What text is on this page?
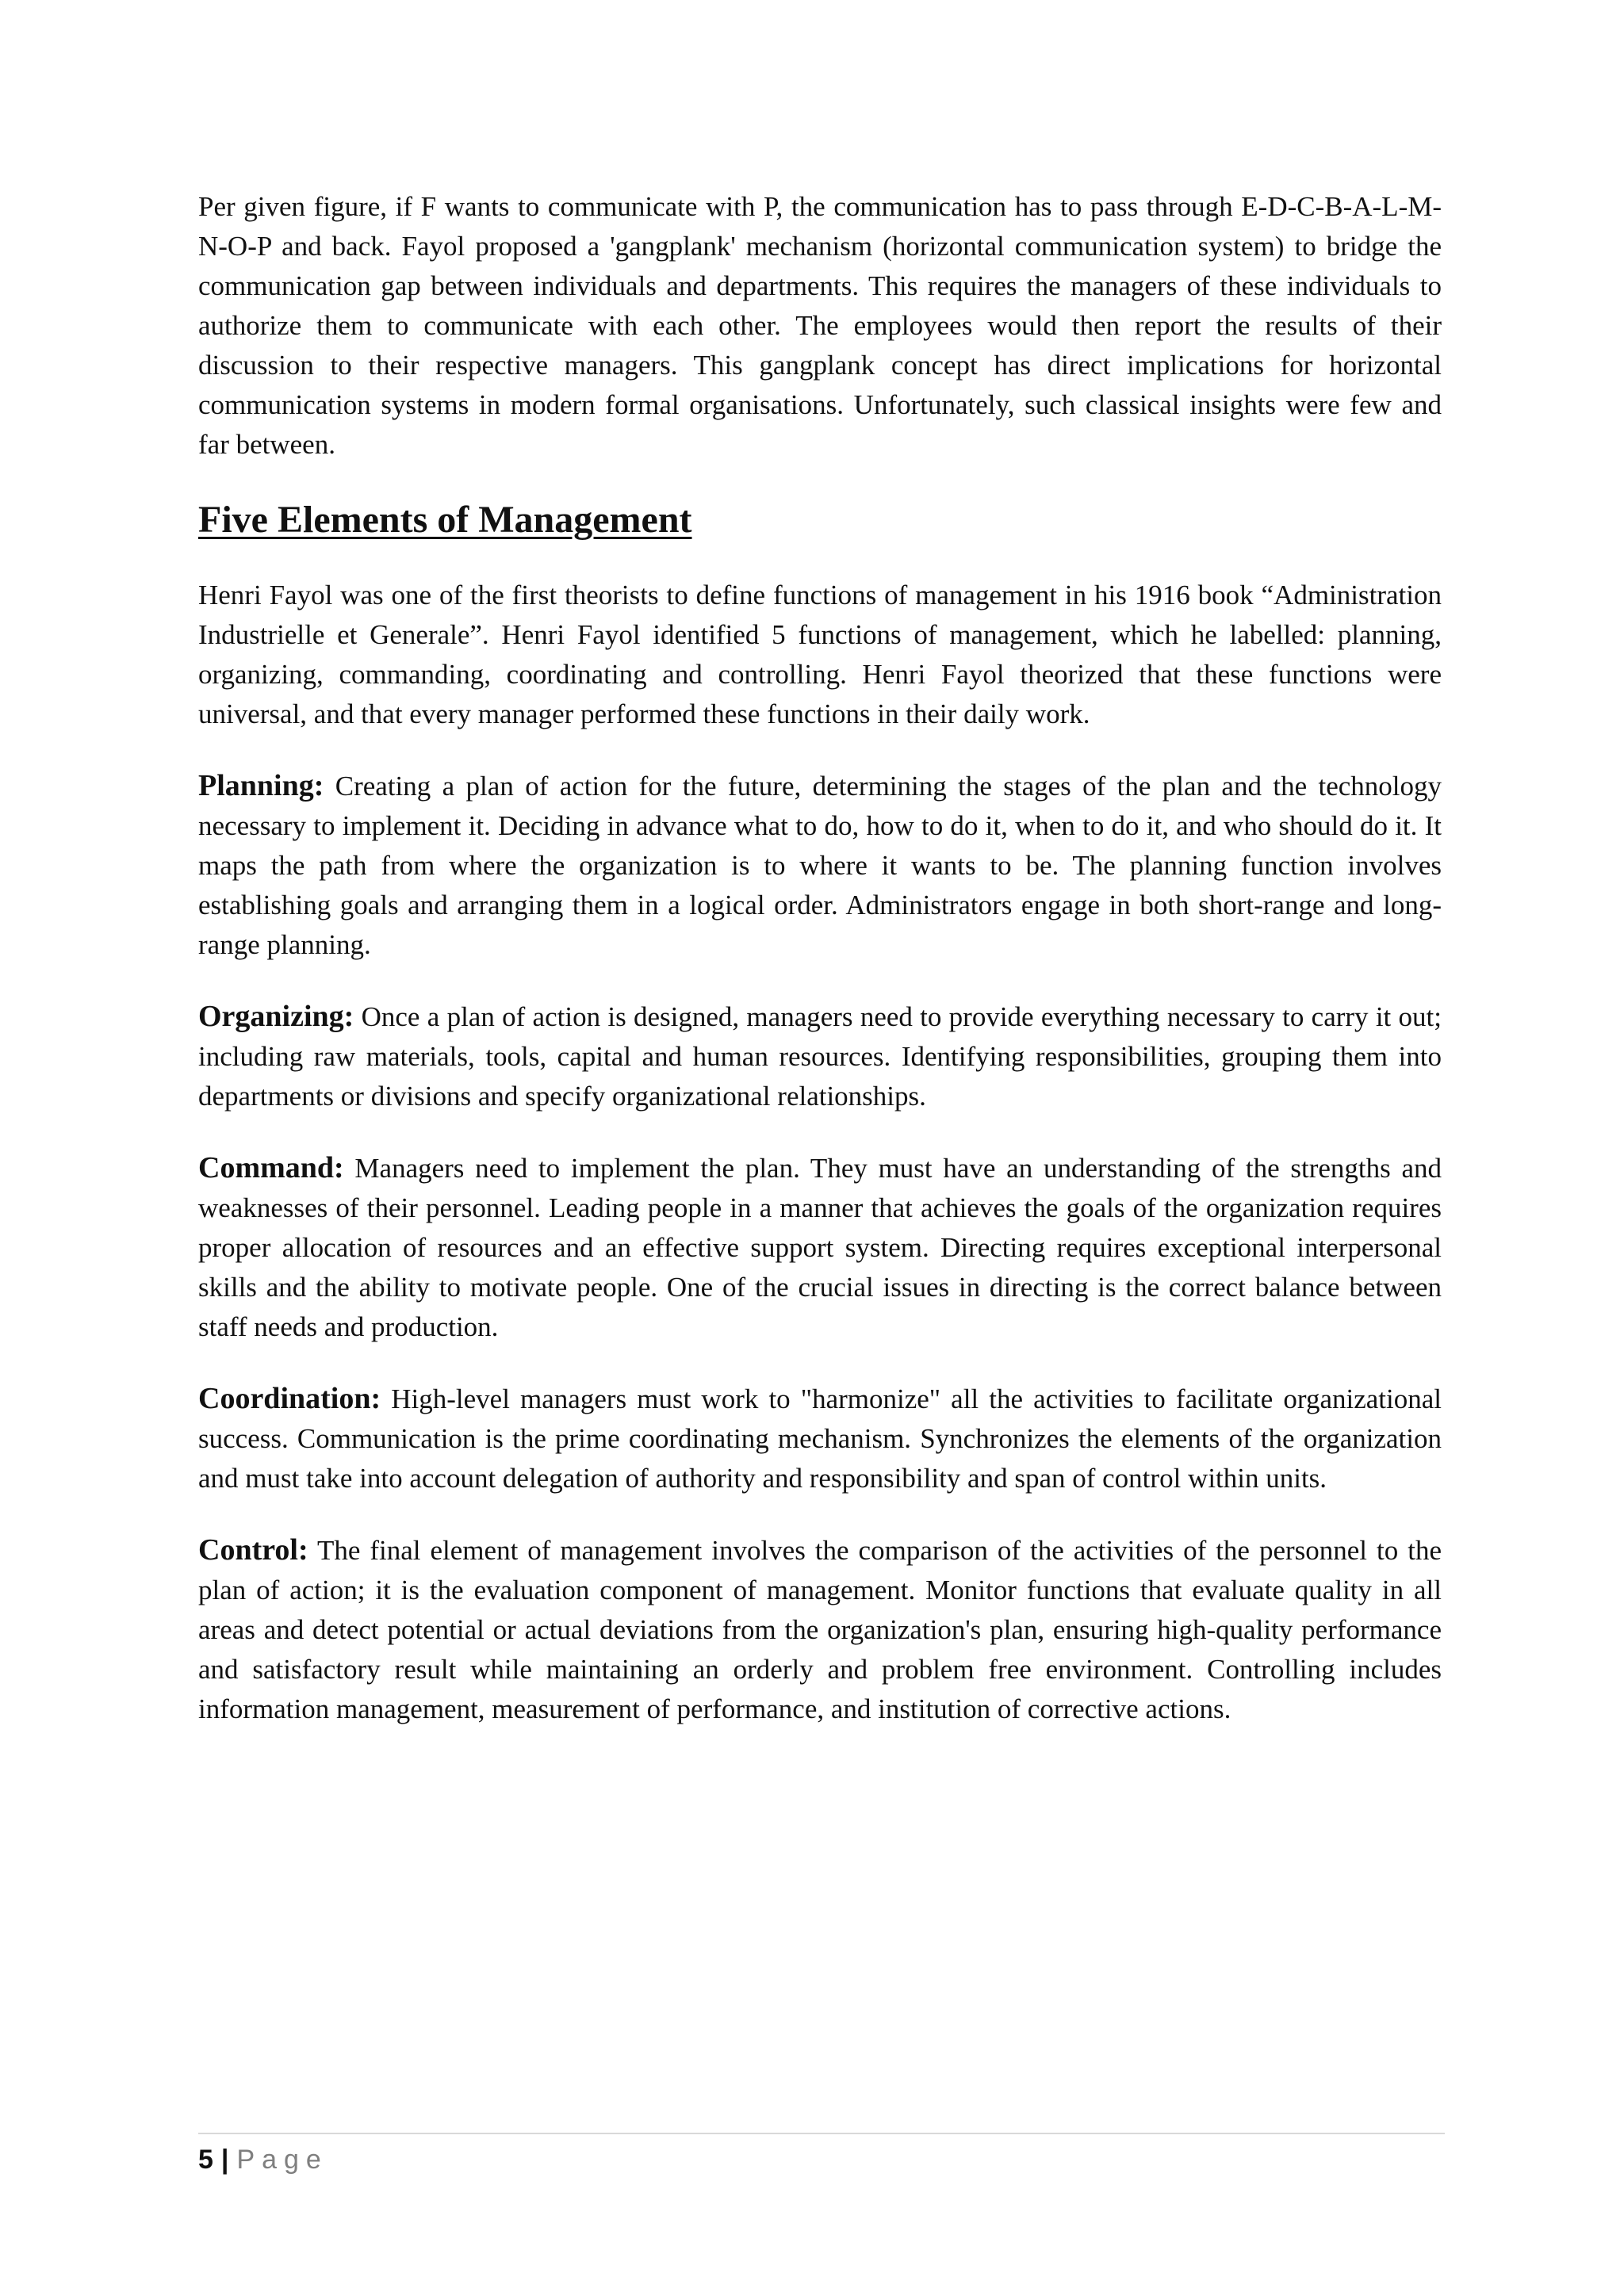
Per given figure, if F wants to communicate with P, the communication has to pass through E-D-C-B-A-L-M-N-O-P and back. Fayol proposed a 'gangplank' mechanism (horizontal communication system) to bridge the communication gap between individuals and departments. This requires the managers of these individuals to authorize them to communicate with each other. The employees would then report the results of their discussion to their respective managers. This gangplank concept has direct implications for horizontal communication systems in modern formal organisations. Unfortunately, such classical insights were few and far between.

Five Elements of Management

Henri Fayol was one of the first theorists to define functions of management in his 1916 book “Administration Industrielle et Generale”. Henri Fayol identified 5 functions of management, which he labelled: planning, organizing, commanding, coordinating and controlling. Henri Fayol theorized that these functions were universal, and that every manager performed these functions in their daily work.

Planning: Creating a plan of action for the future, determining the stages of the plan and the technology necessary to implement it. Deciding in advance what to do, how to do it, when to do it, and who should do it. It maps the path from where the organization is to where it wants to be. The planning function involves establishing goals and arranging them in a logical order. Administrators engage in both short-range and long-range planning.

Organizing: Once a plan of action is designed, managers need to provide everything necessary to carry it out; including raw materials, tools, capital and human resources. Identifying responsibilities, grouping them into departments or divisions and specify organizational relationships.

Command: Managers need to implement the plan. They must have an understanding of the strengths and weaknesses of their personnel. Leading people in a manner that achieves the goals of the organization requires proper allocation of resources and an effective support system. Directing requires exceptional interpersonal skills and the ability to motivate people. One of the crucial issues in directing is the correct balance between staff needs and production.

Coordination: High-level managers must work to "harmonize" all the activities to facilitate organizational success. Communication is the prime coordinating mechanism. Synchronizes the elements of the organization and must take into account delegation of authority and responsibility and span of control within units.

Control: The final element of management involves the comparison of the activities of the personnel to the plan of action; it is the evaluation component of management. Monitor functions that evaluate quality in all areas and detect potential or actual deviations from the organization's plan, ensuring high-quality performance and satisfactory result while maintaining an orderly and problem free environment. Controlling includes information management, measurement of performance, and institution of corrective actions.

5 | Page
